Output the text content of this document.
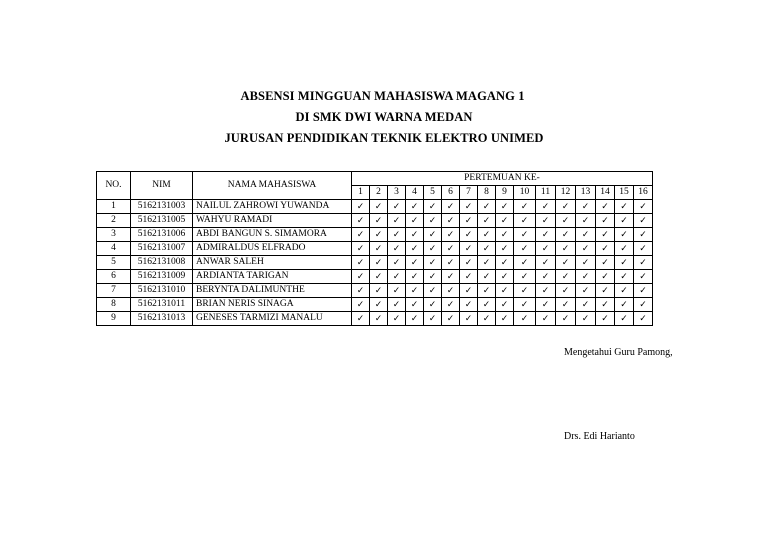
ABSENSI MINGGUAN MAHASISWA MAGANG 1
DI SMK DWI WARNA MEDAN
JURUSAN PENDIDIKAN TEKNIK ELEKTRO UNIMED
NO.	NIM	NAMA MAHASISWA	PERTEMUAN KE-															
			1	2	3	4	5	6	7	8	9	10	11	12	13	14	15	16
1	5162131003	NAILUL ZAHROWI YUWANDA	✓	✓	✓	✓	✓	✓	✓	✓	✓	✓	✓	✓	✓	✓	✓	✓
2	5162131005	WAHYU RAMADI	✓	✓	✓	✓	✓	✓	✓	✓	✓	✓	✓	✓	✓	✓	✓	✓
3	5162131006	ABDI BANGUN S. SIMAMORA	✓	✓	✓	✓	✓	✓	✓	✓	✓	✓	✓	✓	✓	✓	✓	✓
4	5162131007	ADMIRALDUS ELFRADO	✓	✓	✓	✓	✓	✓	✓	✓	✓	✓	✓	✓	✓	✓	✓	✓
5	5162131008	ANWAR SALEH	✓	✓	✓	✓	✓	✓	✓	✓	✓	✓	✓	✓	✓	✓	✓	✓
6	5162131009	ARDIANTA TARIGAN	✓	✓	✓	✓	✓	✓	✓	✓	✓	✓	✓	✓	✓	✓	✓	✓
7	5162131010	BERYNTA DALIMUNTHE	✓	✓	✓	✓	✓	✓	✓	✓	✓	✓	✓	✓	✓	✓	✓	✓
8	5162131011	BRIAN NERIS SINAGA	✓	✓	✓	✓	✓	✓	✓	✓	✓	✓	✓	✓	✓	✓	✓	✓
9	5162131013	GENESES TARMIZI MANALU	✓	✓	✓	✓	✓	✓	✓	✓	✓	✓	✓	✓	✓	✓	✓	✓
Mengetahui Guru Pamong,
Drs. Edi Harianto
